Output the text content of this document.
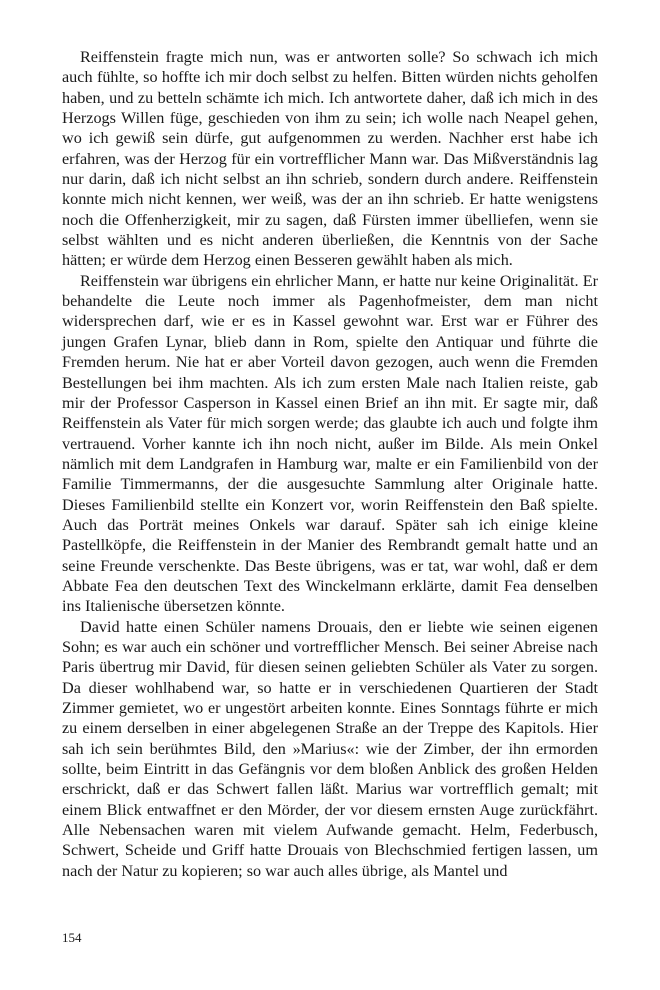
Reiffenstein fragte mich nun, was er antworten solle? So schwach ich mich auch fühlte, so hoffte ich mir doch selbst zu helfen. Bitten würden nichts geholfen haben, und zu betteln schämte ich mich. Ich antwortete daher, daß ich mich in des Herzogs Willen füge, geschieden von ihm zu sein; ich wolle nach Neapel gehen, wo ich gewiß sein dürfe, gut aufgenommen zu werden. Nachher erst habe ich erfahren, was der Herzog für ein vortrefflicher Mann war. Das Mißverständnis lag nur darin, daß ich nicht selbst an ihn schrieb, sondern durch andere. Reiffenstein konnte mich nicht kennen, wer weiß, was der an ihn schrieb. Er hatte wenigstens noch die Offenherzigkeit, mir zu sagen, daß Fürsten immer übelliefen, wenn sie selbst wählten und es nicht anderen überließen, die Kenntnis von der Sache hätten; er würde dem Herzog einen Besseren gewählt haben als mich.

Reiffenstein war übrigens ein ehrlicher Mann, er hatte nur keine Originalität. Er behandelte die Leute noch immer als Pagenhofmeister, dem man nicht widersprechen darf, wie er es in Kassel gewohnt war. Erst war er Führer des jungen Grafen Lynar, blieb dann in Rom, spielte den Antiquar und führte die Fremden herum. Nie hat er aber Vorteil davon gezogen, auch wenn die Fremden Bestellungen bei ihm machten. Als ich zum ersten Male nach Italien reiste, gab mir der Professor Casperson in Kassel einen Brief an ihn mit. Er sagte mir, daß Reiffenstein als Vater für mich sorgen werde; das glaubte ich auch und folgte ihm vertrauend. Vorher kannte ich ihn noch nicht, außer im Bilde. Als mein Onkel nämlich mit dem Landgrafen in Hamburg war, malte er ein Familienbild von der Familie Timmermanns, der die ausgesuchte Sammlung alter Originale hatte. Dieses Familienbild stellte ein Konzert vor, worin Reiffenstein den Baß spielte. Auch das Porträt meines Onkels war darauf. Später sah ich einige kleine Pastellköpfe, die Reiffenstein in der Manier des Rembrandt gemalt hatte und an seine Freunde verschenkte. Das Beste übrigens, was er tat, war wohl, daß er dem Abbate Fea den deutschen Text des Winckelmann erklärte, damit Fea denselben ins Italienische übersetzen könnte.

David hatte einen Schüler namens Drouais, den er liebte wie seinen eigenen Sohn; es war auch ein schöner und vortrefflicher Mensch. Bei seiner Abreise nach Paris übertrug mir David, für diesen seinen geliebten Schüler als Vater zu sorgen. Da dieser wohlhabend war, so hatte er in verschiedenen Quartieren der Stadt Zimmer gemietet, wo er ungestört arbeiten konnte. Eines Sonntags führte er mich zu einem derselben in einer abgelegenen Straße an der Treppe des Kapitols. Hier sah ich sein berühmtes Bild, den »Marius«: wie der Zimber, der ihn ermorden sollte, beim Eintritt in das Gefängnis vor dem bloßen Anblick des großen Helden erschrickt, daß er das Schwert fallen läßt. Marius war vortrefflich gemalt; mit einem Blick entwaffnet er den Mörder, der vor diesem ernsten Auge zurückfährt. Alle Nebensachen waren mit vielem Aufwande gemacht. Helm, Federbusch, Schwert, Scheide und Griff hatte Drouais von Blechschmied fertigen lassen, um nach der Natur zu kopieren; so war auch alles übrige, als Mantel und

154
